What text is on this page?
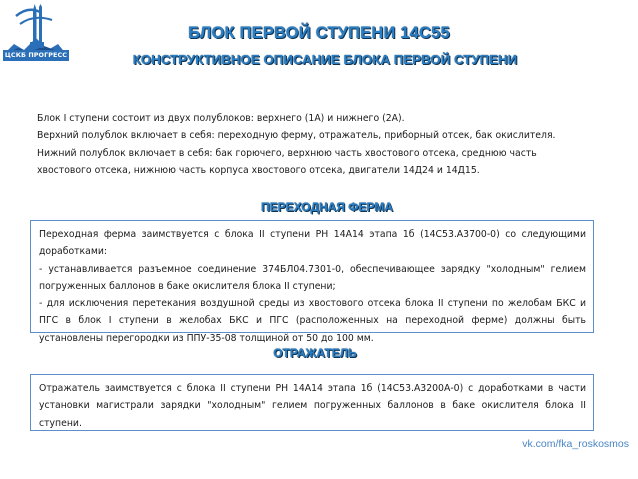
ЦСКБ ПРОГРЕСС
БЛОК ПЕРВОЙ СТУПЕНИ 14С55
КОНСТРУКТИВНОЕ ОПИСАНИЕ БЛОКА ПЕРВОЙ СТУПЕНИ
Блок I ступени состоит из двух полублоков: верхнего (1А) и нижнего (2А).
Верхний полублок включает в себя: переходную ферму, отражатель, приборный отсек, бак окислителя.
Нижний полублок включает в себя: бак горючего, верхнюю часть хвостового отсека, среднюю часть
хвостового отсека, нижнюю часть корпуса хвостового отсека, двигатели 14Д24 и 14Д15.
ПЕРЕХОДНАЯ ФЕРМА

Переходная ферма заимствуется с блока II ступени РН 14А14 этапа 1б (14С53.А3700-0) со следующими доработками:

- устанавливается разъемное соединение 374БЛ04.7301-0, обеспечивающее зарядку "холодным" гелием погруженных баллонов в баке окислителя блока II ступени;

- для исключения перетекания воздушной среды из хвостового отсека блока II ступени по желобам БКС и ПГС в блок I ступени в желобах БКС и ПГС (расположенных на переходной ферме) должны быть установлены перегородки из ППУ-35-08 толщиной от 50 до 100 мм.

ОТРАЖАТЕЛЬ

Отражатель заимствуется с блока II ступени РН 14А14 этапа 1б (14С53.А3200А-0) с доработками в части установки магистрали зарядки "холодным" гелием погруженных баллонов в баке окислителя блока II ступени.

vk.com/fka_roskosmos
